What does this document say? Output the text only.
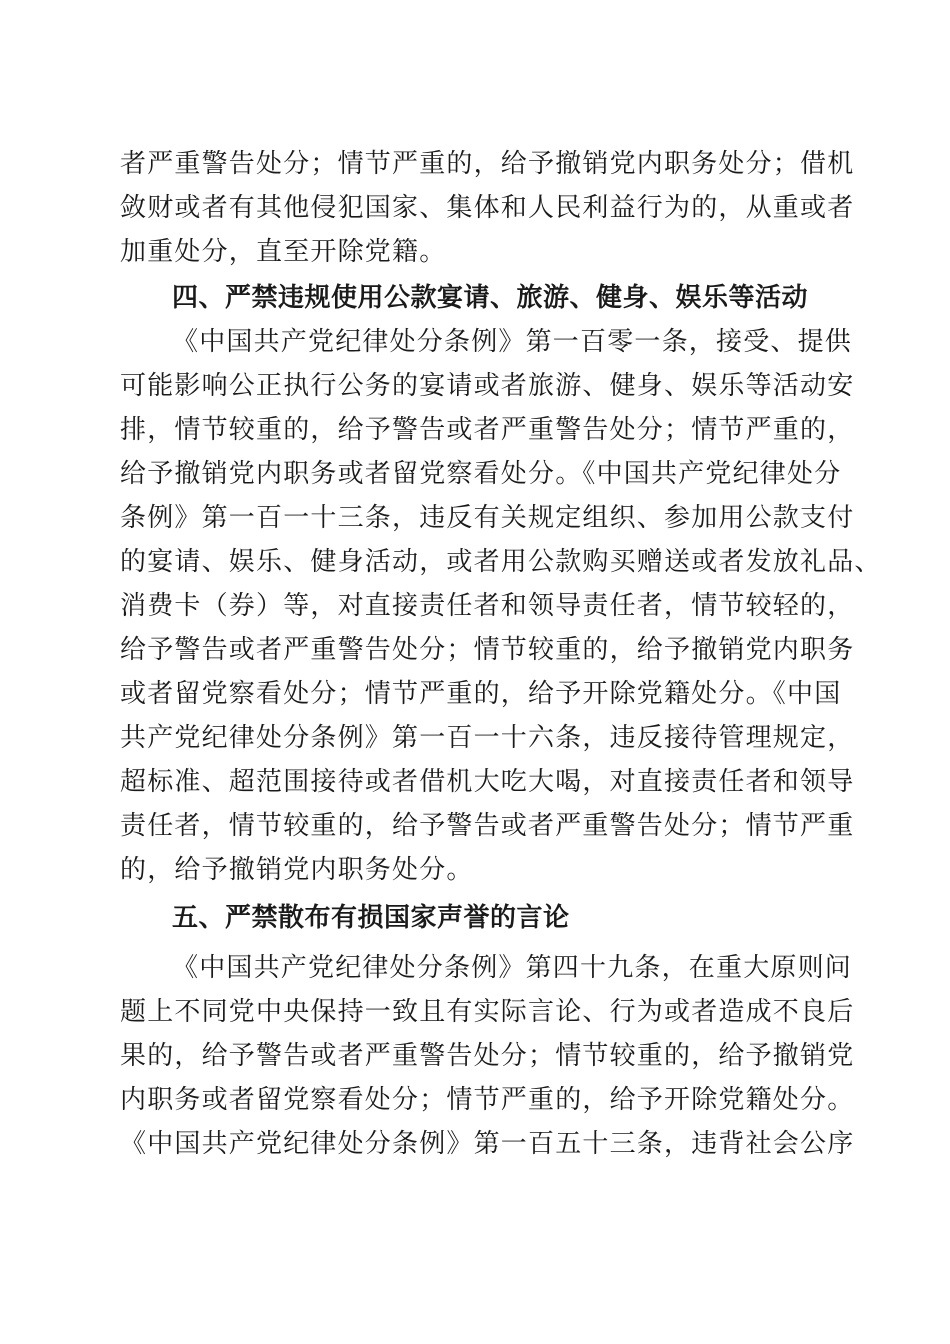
者严重警告处分；情节严重的，给予撤销党内职务处分；借机
敛财或者有其他侵犯国家、集体和人民利益行为的，从重或者
加重处分，直至开除党籍。
四、严禁违规使用公款宴请、旅游、健身、娱乐等活动
《中国共产党纪律处分条例》第一百零一条，接受、提供
可能影响公正执行公务的宴请或者旅游、健身、娱乐等活动安
排，情节较重的，给予警告或者严重警告处分；情节严重的，
给予撤销党内职务或者留党察看处分。《中国共产党纪律处分
条例》第一百一十三条，违反有关规定组织、参加用公款支付
的宴请、娱乐、健身活动，或者用公款购买赠送或者发放礼品、
消费卡（券）等，对直接责任者和领导责任者，情节较轻的，
给予警告或者严重警告处分；情节较重的，给予撤销党内职务
或者留党察看处分；情节严重的，给予开除党籍处分。《中国
共产党纪律处分条例》第一百一十六条，违反接待管理规定，
超标准、超范围接待或者借机大吃大喝，对直接责任者和领导
责任者，情节较重的，给予警告或者严重警告处分；情节严重
的，给予撤销党内职务处分。
五、严禁散布有损国家声誉的言论
《中国共产党纪律处分条例》第四十九条，在重大原则问
题上不同党中央保持一致且有实际言论、行为或者造成不良后
果的，给予警告或者严重警告处分；情节较重的，给予撤销党
内职务或者留党察看处分；情节严重的，给予开除党籍处分。
《中国共产党纪律处分条例》第一百五十三条，违背社会公序
